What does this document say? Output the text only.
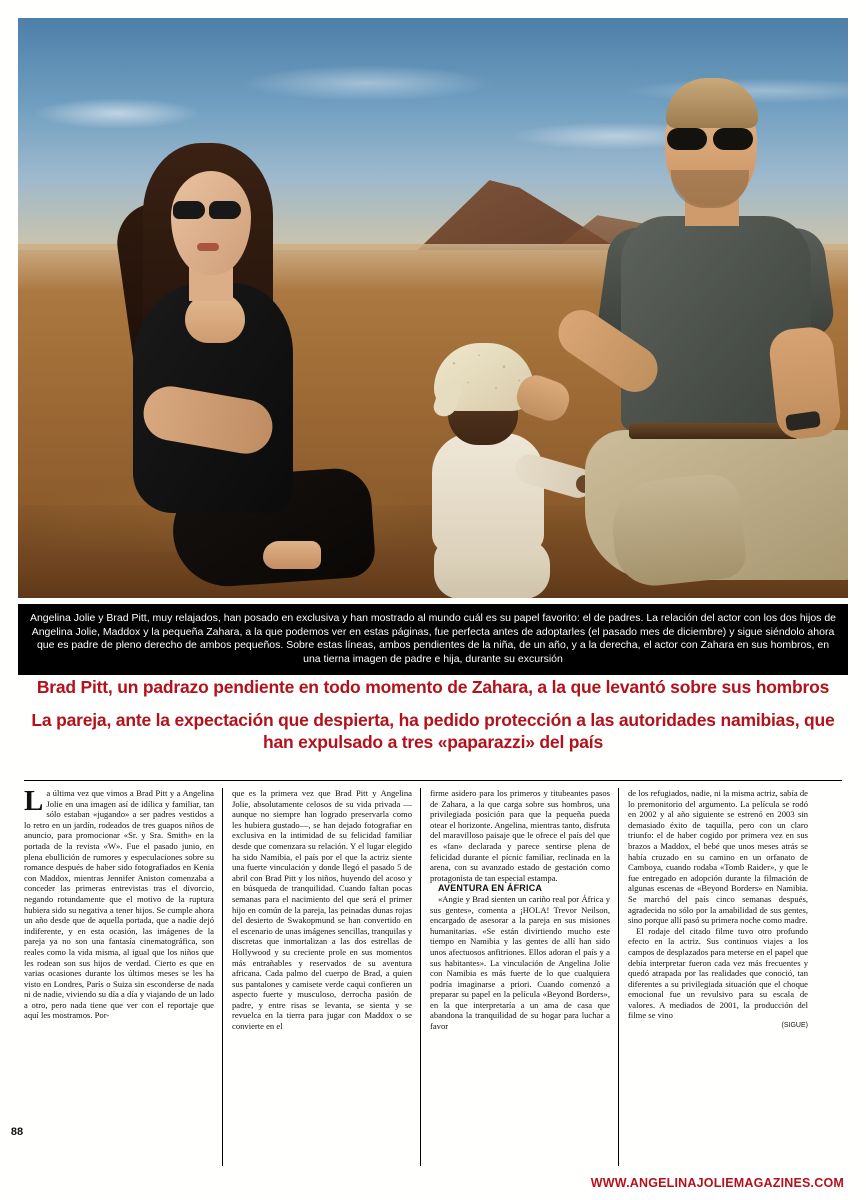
Angelina Jolie y Brad Pitt, muy relajados, han posado en exclusiva y han mostrado al mundo cuál es su papel favorito: el de padres. La relación del actor con los dos hijos de Angelina Jolie, Maddox y la pequeña Zahara, a la que podemos ver en estas páginas, fue perfecta antes de adoptarles (el pasado mes de diciembre) y sigue siéndolo ahora que es padre de pleno derecho de ambos pequeños. Sobre estas líneas, ambos pendientes de la niña, de un año, y a la derecha, el actor con Zahara en sus hombros, en una tierna imagen de padre e hija, durante su excursión

Brad Pitt, un padrazo pendiente en todo momento de Zahara, a la que levantó sobre sus hombros
La pareja, ante la expectación que despierta, ha pedido protección a las autoridades namibias, que han expulsado a tres «paparazzi» del país

La última vez que vimos a Brad Pitt y a Angelina Jolie en una imagen así de idílica y familiar, tan sólo estaban «jugando» a ser padres vestidos a lo retro en un jardín, rodeados de tres guapos niños de anuncio, para promocionar «Sr. y Sra. Smith» en la portada de la revista «W». Fue el pasado junio, en plena ebullición de rumores y especulaciones sobre su romance después de haber sido fotografiados en Kenia con Maddox, mientras Jennifer Aniston comenzaba a conceder las primeras entrevistas tras el divorcio, negando rotundamente que el motivo de la ruptura hubiera sido su negativa a tener hijos. Se cumple ahora un año desde que de aquella portada, que a nadie dejó indiferente, y en esta ocasión, las imágenes de la pareja ya no son una fantasía cinematográfica, son reales como la vida misma, al igual que los niños que les rodean son sus hijos de verdad. Cierto es que en varias ocasiones durante los últimos meses se les ha visto en Londres, París o Suiza sin esconderse de nada ni de nadie, viviendo su día a día y viajando de un lado a otro, pero nada tiene que ver con el reportaje que aquí les mostramos. Por-

que es la primera vez que Brad Pitt y Angelina Jolie, absolutamente celosos de su vida privada —aunque no siempre han logrado preservarla como les hubiera gustado—, se han dejado fotografiar en exclusiva en la intimidad de su felicidad familiar desde que comenzara su relación. Y el lugar elegido ha sido Namibia, el país por el que la actriz siente una fuerte vinculación y donde llegó el pasado 5 de abril con Brad Pitt y los niños, huyendo del acoso y en búsqueda de tranquilidad. Cuando faltan pocas semanas para el nacimiento del que será el primer hijo en común de la pareja, las peinadas dunas rojas del desierto de Swakopmund se han convertido en el escenario de unas imágenes sencillas, tranquilas y discretas que inmortalizan a las dos estrellas de Hollywood y su creciente prole en sus momentos más entrañables y reservados de su aventura africana. Cada palmo del cuerpo de Brad, a quien sus pantalones y camisete verde caqui confieren un aspecto fuerte y musculoso, derrocha pasión de padre, y entre risas se levanta, se sienta y se revuelca en la tierra para jugar con Maddox o se convierte en el

firme asidero para los primeros y titubeantes pasos de Zahara, a la que carga sobre sus hombros, una privilegiada posición para que la pequeña pueda otear el horizonte. Angelina, mientras tanto, disfruta del maravilloso paisaje que le ofrece el país del que es «fan» declarada y parece sentirse plena de felicidad durante el pícnic familiar, reclinada en la arena, con su avanzado estado de gestación como protagonista de tan especial estampa.

AVENTURA EN ÁFRICA

«Angie y Brad sienten un cariño real por África y sus gentes», comenta a ¡HOLA! Trevor Neilson, encargado de asesorar a la pareja en sus misiones humanitarias. «Se están divirtiendo mucho este tiempo en Namibia y las gentes de allí han sido unos afectuosos anfitriones. Ellos adoran el país y a sus habitantes». La vinculación de Angelina Jolie con Namibia es más fuerte de lo que cualquiera podría imaginarse a priori. Cuando comenzó a preparar su papel en la película «Beyond Borders», en la que interpretaría a un ama de casa que abandona la tranquilidad de su hogar para luchar a favor

de los refugiados, nadie, ni la misma actriz, sabía de lo premonitorio del argumento. La película se rodó en 2002 y al año siguiente se estrenó en 2003 sin demasiado éxito de taquilla, pero con un claro triunfo: el de haber cogido por primera vez en sus brazos a Maddox, el bebé que unos meses atrás se había cruzado en su camino en un orfanato de Camboya, cuando rodaba «Tomb Raider», y que le fue entregado en adopción durante la filmación de algunas escenas de «Beyond Borders» en Namibia. Se marchó del país cinco semanas después, agradecida no sólo por la amabilidad de sus gentes, sino porque allí pasó su primera noche como madre.

El rodaje del citado filme tuvo otro profundo efecto en la actriz. Sus continuos viajes a los campos de desplazados para meterse en el papel que debía interpretar fueron cada vez más frecuentes y quedó atrapada por las realidades que conoció, tan diferentes a su privilegiada situación que el choque emocional fue un revulsivo para su escala de valores. A mediados de 2001, la producción del filme se vino

(SIGUE)

88
WWW.ANGELINAJOLIEMAGAZINES.COM
